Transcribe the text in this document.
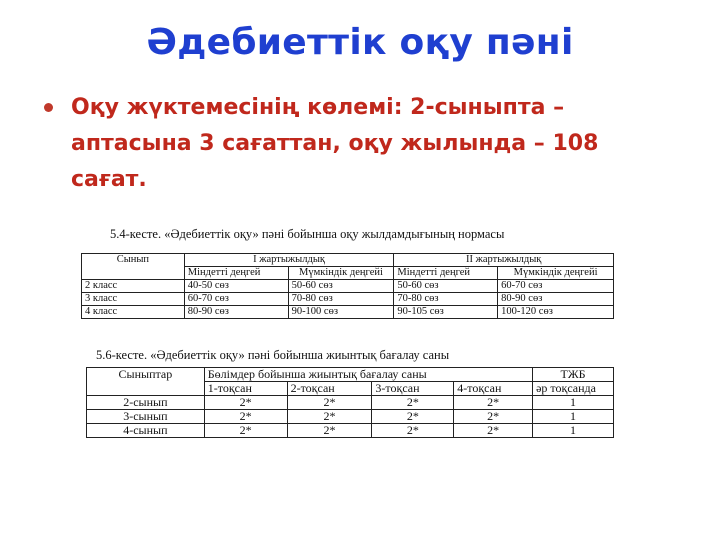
Әдебиеттік оқу пәні
Оқу жүктемесінің көлемі: 2-сыныпта – аптасына 3 сағаттан, оқу жылында – 108 сағат.
5.4-кесте. «Әдебиеттік оқу» пәні бойынша оқу жылдамдығының нормасы
Сынып	I жартыжылдық		II жартыжылдық	
	Міндетті деңгей	Мүмкіндік деңгейі	Міндетті деңгей	Мүмкіндік деңгейі
2 класс	40-50 сөз	50-60 сөз	50-60 сөз	60-70 сөз
3 класс	60-70 сөз	70-80 сөз	70-80 сөз	80-90 сөз
4 класс	80-90 сөз	90-100 сөз	90-105 сөз	100-120 сөз
5.6-кесте. «Әдебиеттік оқу» пәні бойынша жиынтық бағалау саны
Сыныптар	Бөлімдер бойынша жиынтық бағалау саны				ТЖБ
	1-тоқсан	2-тоқсан	3-тоқсан	4-тоқсан	әр тоқсанда
2-сынып	2*	2*	2*	2*	1
3-сынып	2*	2*	2*	2*	1
4-сынып	2*	2*	2*	2*	1
